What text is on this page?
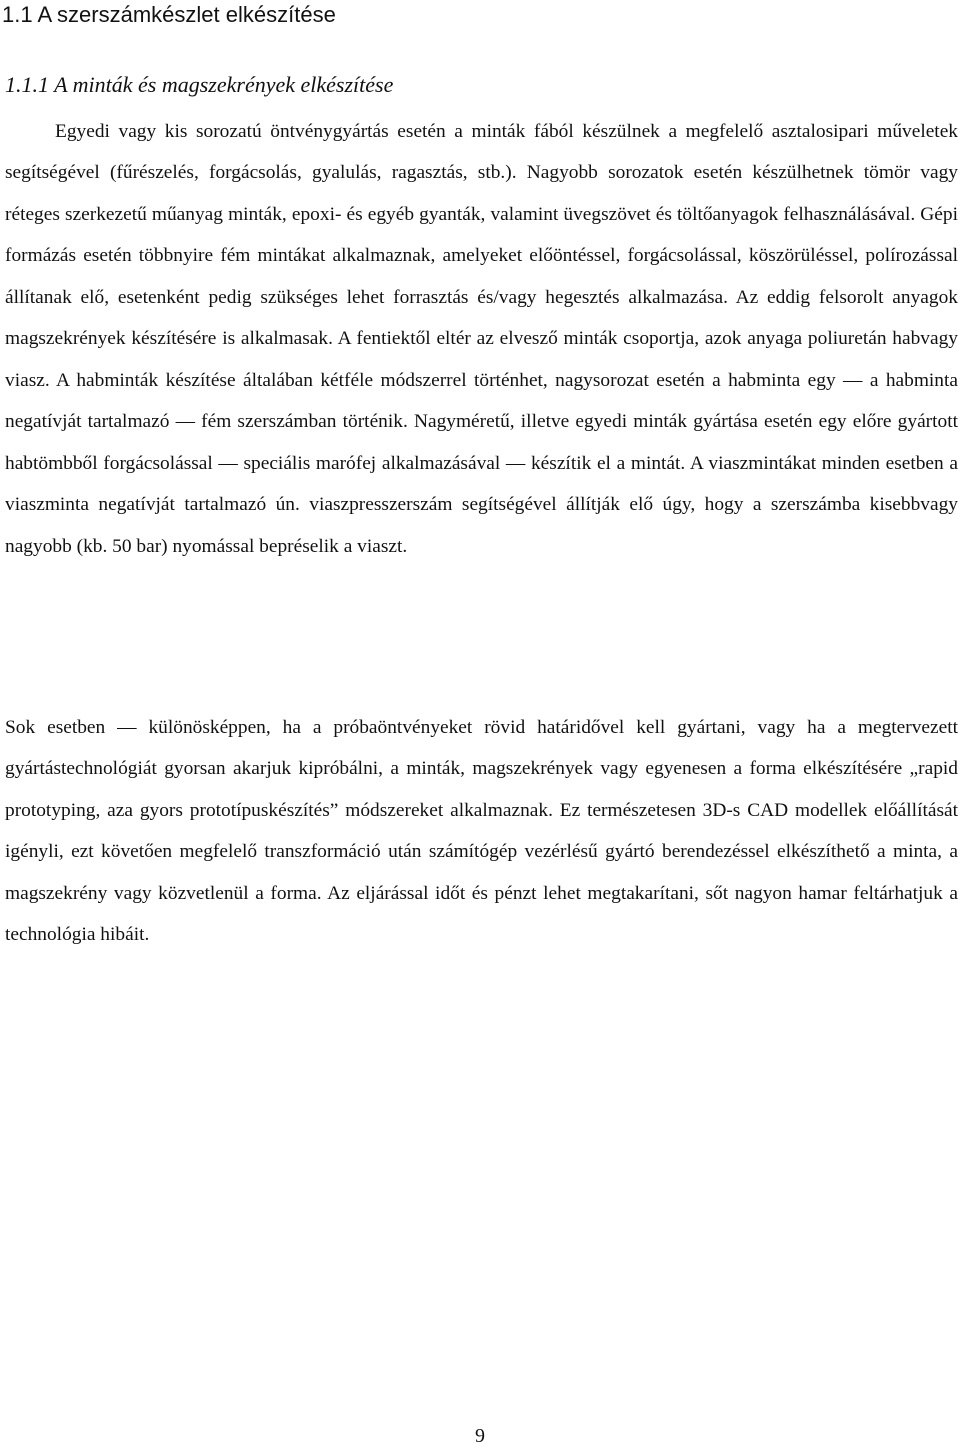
1.1 A szerszámkészlet elkészítése
1.1.1 A minták és magszekrények elkészítése

Egyedi vagy kis sorozatú öntvénygyártás esetén a minták fából készülnek a megfelelő asztalosipari műveletek segítségével (fűrészelés, forgácsolás, gyalulás, ragasztás, stb.). Nagyobb sorozatok esetén készülhetnek tömör vagy réteges szerkezetű műanyag minták, epoxi- és egyéb gyanták, valamint üvegszövet és töltőanyagok felhasználásával. Gépi formázás esetén többnyire fém mintákat alkalmaznak, amelyeket előöntéssel, forgácsolással, köszörüléssel, polírozással állítanak elő, esetenként pedig szükséges lehet forrasztás és/vagy hegesztés alkalmazása. Az eddig felsorolt anyagok magszekrények készítésére is alkalmasak. A fentiektől eltér az elvesző minták csoportja, azok anyaga poliuretán habvagy viasz. A habminták készítése általában kétféle módszerrel történhet, nagysorozat esetén a habminta egy — a habminta negatívját tartalmazó — fém szerszámban történik. Nagyméretű, illetve egyedi minták gyártása esetén egy előre gyártott habtömbből forgácsolással — speciális marófej alkalmazásával — készítik el a mintát. A viaszmintákat minden esetben a viaszminta negatívját tartalmazó ún. viaszpresszerszám segítségével állítják elő úgy, hogy a szerszámba kisebbvagy nagyobb (kb. 50 bar) nyomással bepréselik a viaszt.

Sok esetben — különösképpen, ha a próbaöntvényeket rövid határidővel kell gyártani, vagy ha a megtervezett gyártástechnológiát gyorsan akarjuk kipróbálni, a minták, magszekrények vagy egyenesen a forma elkészítésére „rapid prototyping, aza gyors prototípuskészítés” módszereket alkalmaznak. Ez természetesen 3D-s CAD modellek előállítását igényli, ezt követően megfelelő transzformáció után számítógép vezérlésű gyártó berendezéssel elkészíthető a minta, a magszekrény vagy közvetlenül a forma. Az eljárással időt és pénzt lehet megtakarítani, sőt nagyon hamar feltárhatjuk a technológia hibáit.

9
